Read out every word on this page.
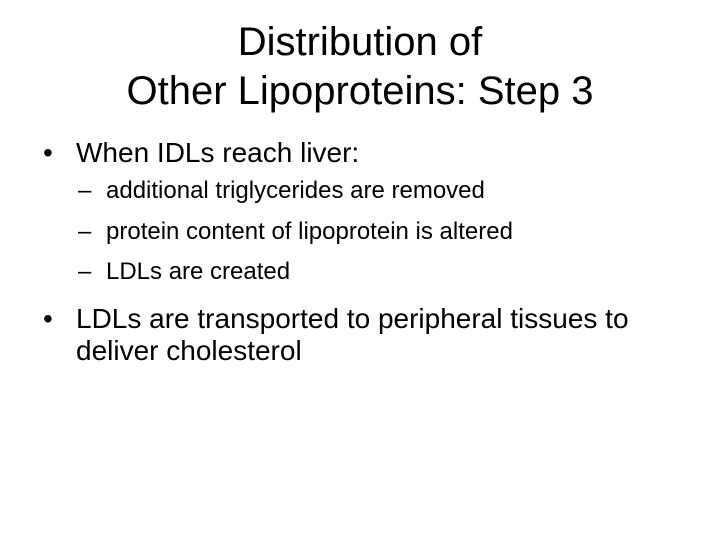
Distribution of
Other Lipoproteins: Step 3
• When IDLs reach liver:
– additional triglycerides are removed
– protein content of lipoprotein is altered
– LDLs are created
• LDLs are transported to peripheral tissues to deliver cholesterol
